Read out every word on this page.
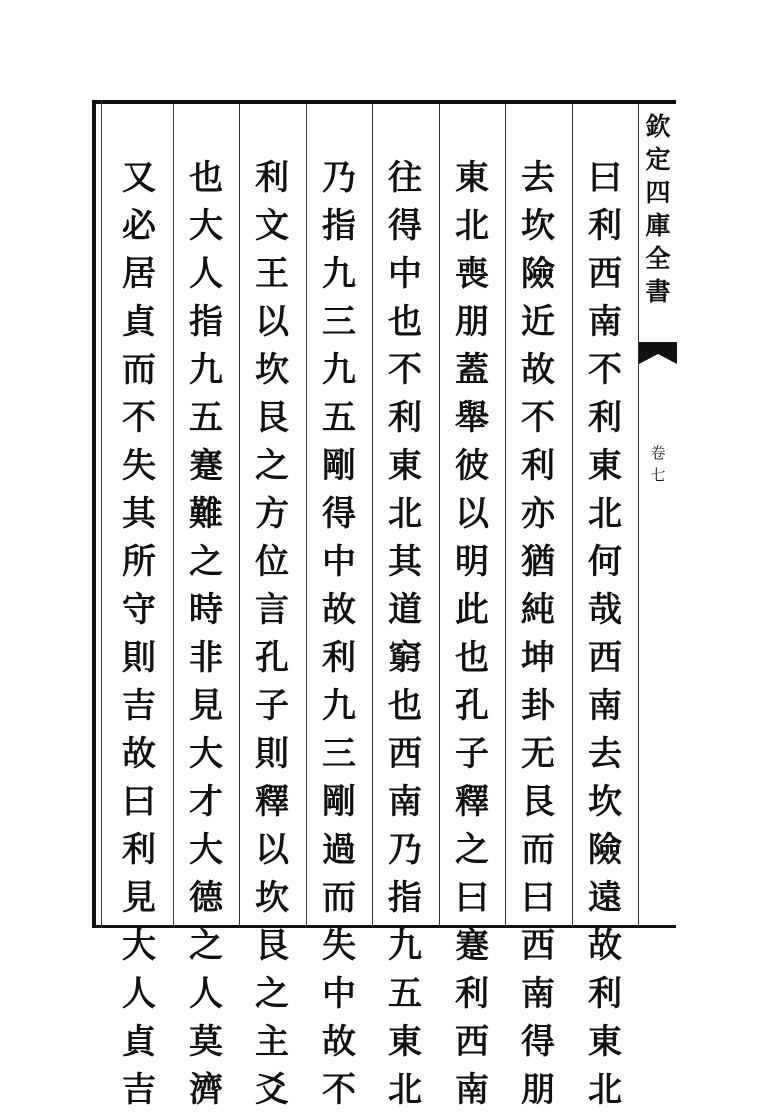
曰
利
西
南
不
利
東
北
何
哉
西
南
去
坎
險
遠
故
利
東
北
去
坎
險
近
故
不
利
亦
猶
純
坤
卦
无
艮
而
曰
西
南
得
朋
東
北
喪
朋
蓋
舉
彼
以
明
此
也
孔
子
釋
之
曰
蹇
利
西
南
往
得
中
也
不
利
東
北
其
道
窮
也
西
南
乃
指
九
五
東
北
乃
指
九
三
九
五
剛
得
中
故
利
九
三
剛
過
而
失
中
故
不
利
文
王
以
坎
艮
之
方
位
言
孔
子
則
釋
以
坎
艮
之
主
爻
也
大
人
指
九
五
蹇
難
之
時
非
見
大
才
大
德
之
人
莫
濟
又
必
居
貞
而
不
失
其
所
守
則
吉
故
曰
利
見
大
人
貞
吉
欽
定
四
庫
全
書
卷
七
